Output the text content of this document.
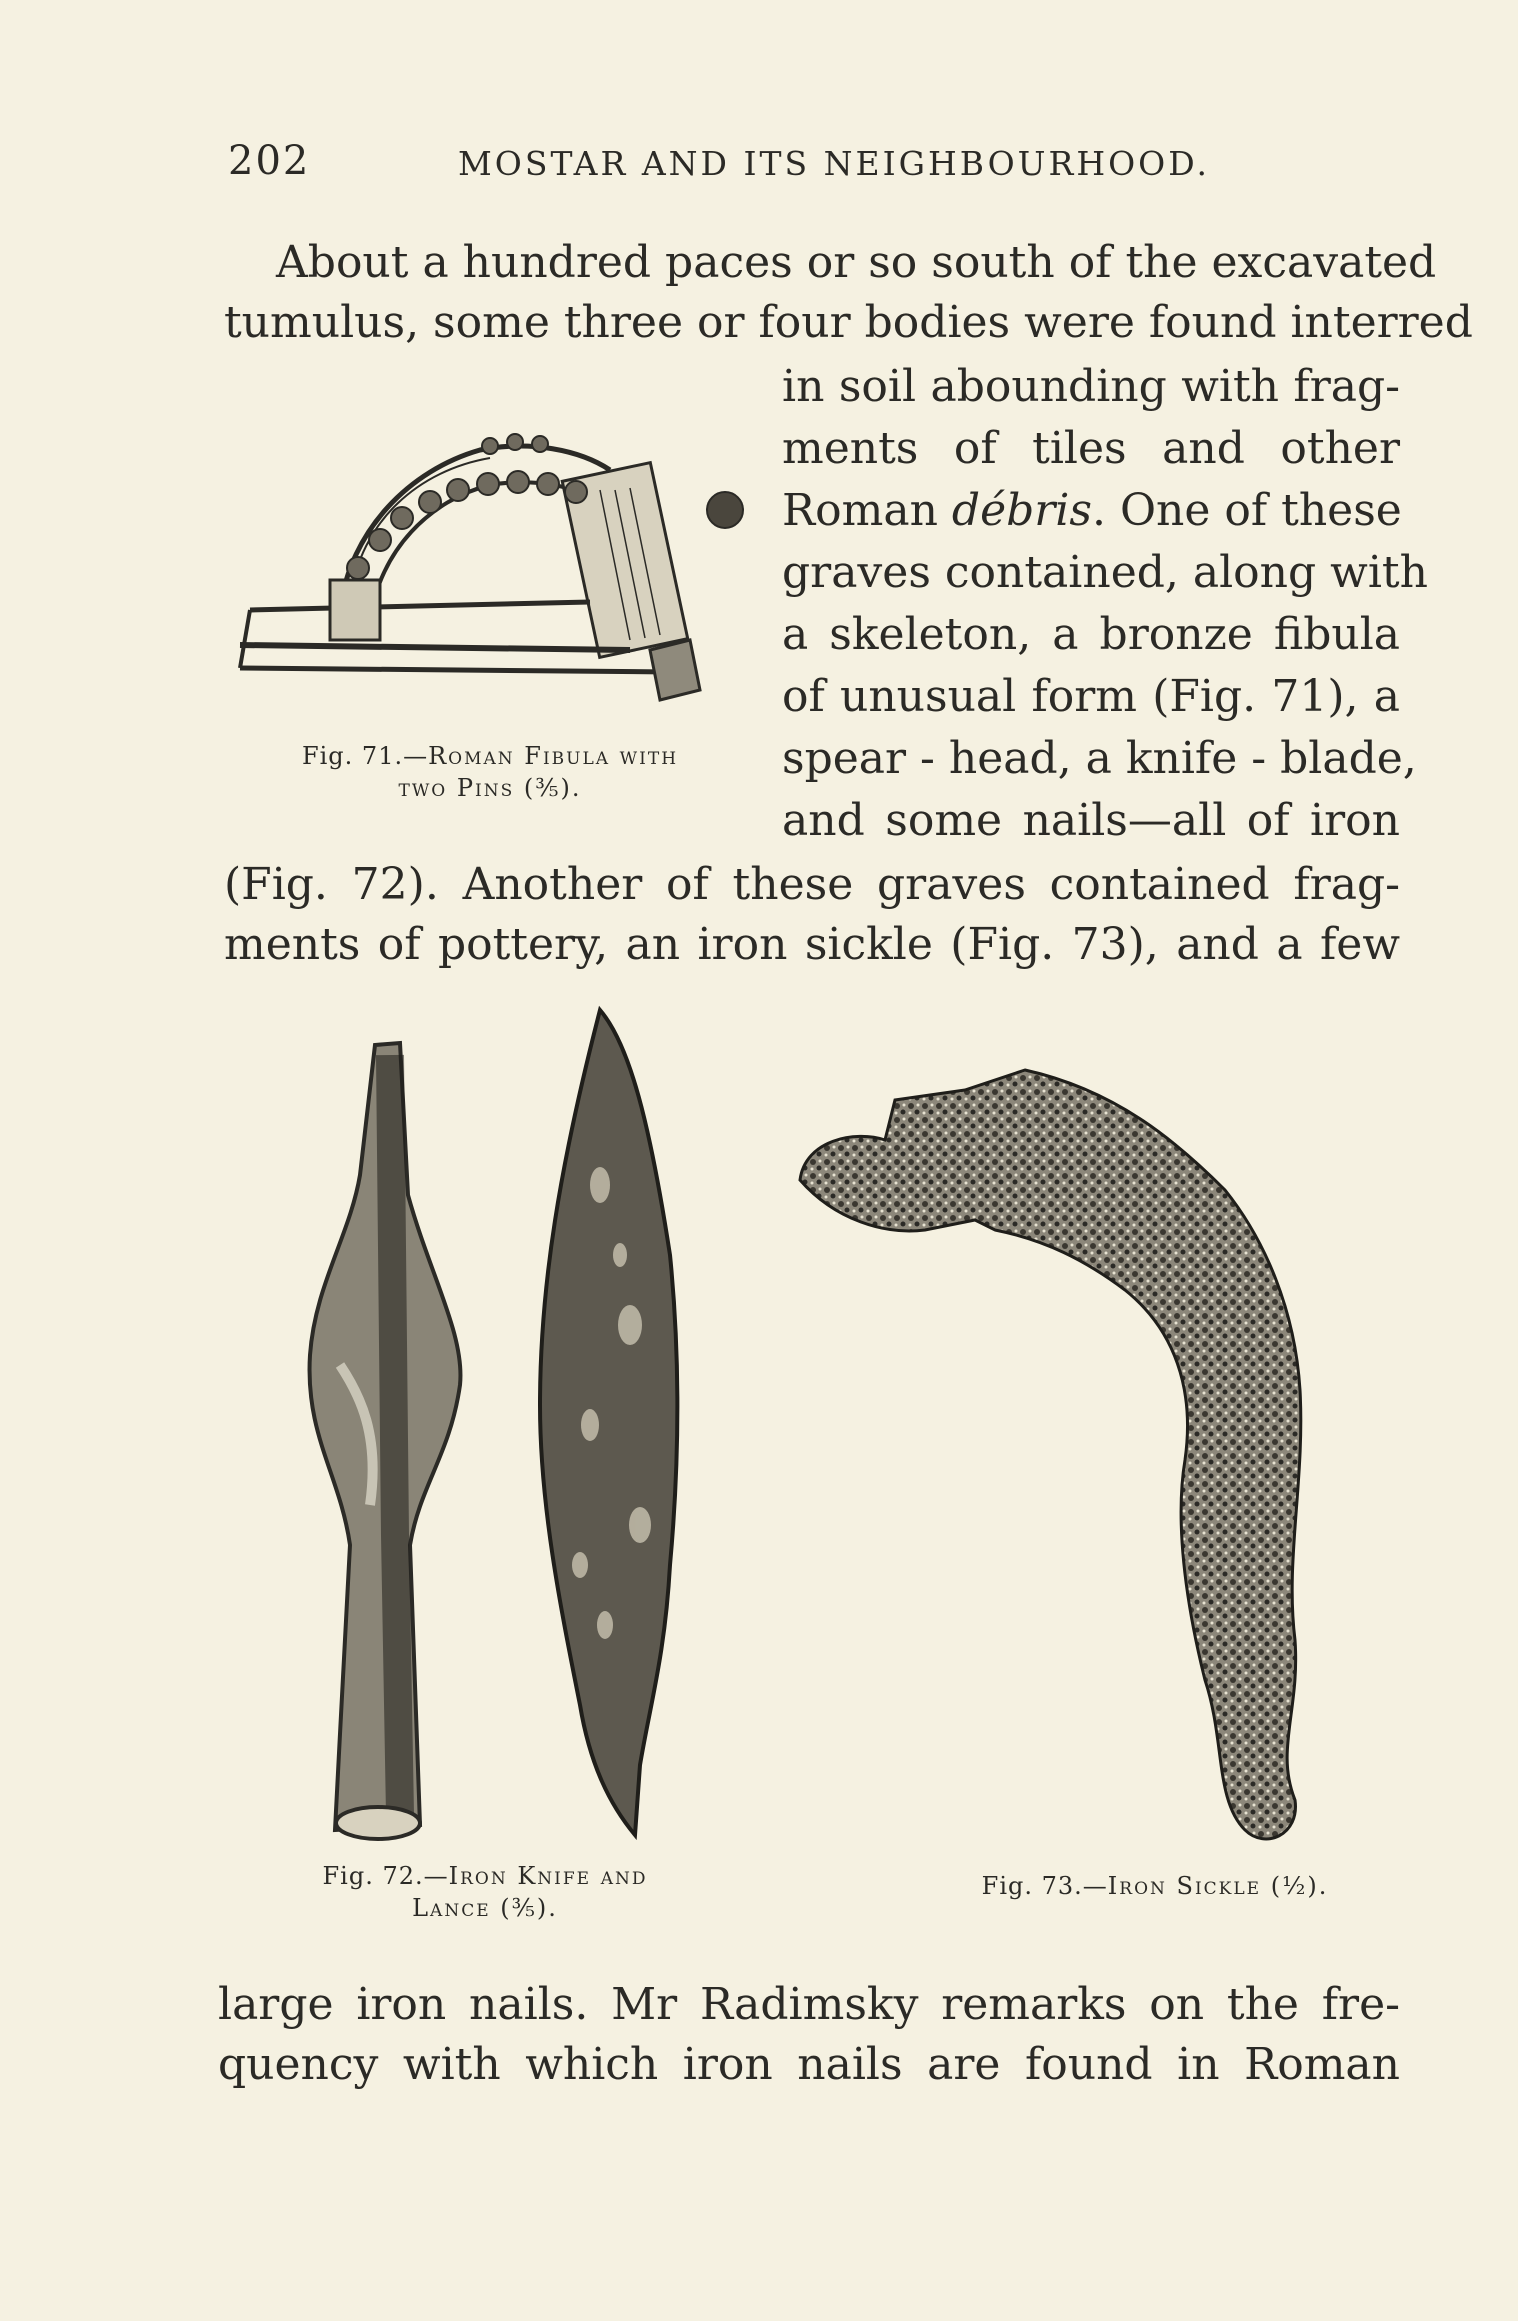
202	MOSTAR AND ITS NEIGHBOURHOOD.
About a hundred paces or so south of the excavated
tumulus, some three or four bodies were found interred
in soil abounding with frag-
ments of tiles and other
Roman débris. One of these
graves contained, along with
a skeleton, a bronze fibula
of unusual form (Fig. 71), a
spear - head, a knife - blade,
and some nails—all of iron
(Fig. 72). Another of these graves contained frag-
ments of pottery, an iron sickle (Fig. 73), and a few
large iron nails. Mr Radimsky remarks on the fre-
quency with which iron nails are found in Roman
Fig. 71.—Roman Fibula with
two Pins (⅗).
Fig. 72.—Iron Knife and
Lance (⅗).
Fig. 73.—Iron Sickle (½).
